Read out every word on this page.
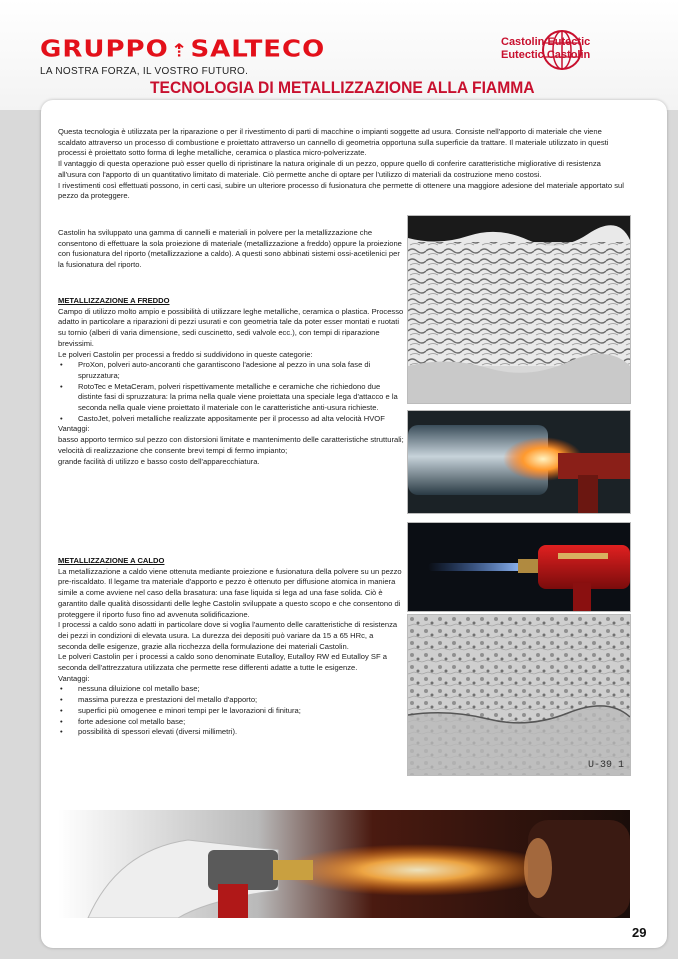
GRUPPO ⇡SALTECO
LA NOSTRA FORZA, IL VOSTRO FUTURO.
Castolin Eutectic
Eutectic Castolin
TECNOLOGIA DI METALLIZZAZIONE ALLA FIAMMA

Questa tecnologia è utilizzata per la riparazione o per il rivestimento di parti di macchine o impianti soggette ad usura. Consiste nell'apporto di materiale che viene scaldato attraverso un processo di combustione e proiettato attraverso un cannello di geometria opportuna sulla superficie da trattare. Il materiale utilizzato in questi processi è proiettato sotto forma di leghe metalliche, ceramica o plastica micro-polverizzate.

Il vantaggio di questa operazione può esser quello di ripristinare la natura originale di un pezzo, oppure quello di conferire caratteristiche migliorative di resistenza all'usura con l'apporto di un quantitativo limitato di materiale. Ciò permette anche di optare per l'utilizzo di materiali da costruzione meno costosi.

I rivestimenti così effettuati possono, in certi casi, subire un ulteriore processo di fusionatura che permette di ottenere una maggiore adesione del materiale apportato sul pezzo da proteggere.

Castolin ha sviluppato una gamma di cannelli e materiali in polvere per la metallizzazione che consentono di effettuare la sola proiezione di materiale (metallizzazione a freddo) oppure la proiezione con fusionatura del riporto (metallizzazione a caldo). A questi sono abbinati sistemi ossi-acetilenici per la fusionatura del riporto.

METALLIZZAZIONE A FREDDO

Campo di utilizzo molto ampio e possibilità di utilizzare leghe metalliche, ceramica o plastica. Processo adatto in particolare a riparazioni di pezzi usurati e con geometria tale da poter esser montati e ruotati su tornio (alberi di varia dimensione, sedi cuscinetto, sedi valvole ecc.), con tempi di riparazione brevissimi.

Le polveri Castolin per processi a freddo si suddividono in queste categorie:

• ProXon, polveri auto-ancoranti che garantiscono l'adesione al pezzo in una sola fase di spruzzatura;
• RotoTec e MetaCeram, polveri rispettivamente metalliche e ceramiche che richiedono due distinte fasi di spruzzatura: la prima nella quale viene proiettata una speciale lega d'attacco e la seconda nella quale viene proiettato il materiale con le caratteristiche anti-usura richieste.
• CastoJet, polveri metalliche realizzate appositamente per il processo ad alta velocità HVOF

Vantaggi:

basso apporto termico sul pezzo con distorsioni limitate e mantenimento delle caratteristiche strutturali; velocità di realizzazione che consente brevi tempi di fermo impianto;

grande facilità di utilizzo e basso costo dell'apparecchiatura.

METALLIZZAZIONE A CALDO

La metallizzazione a caldo viene ottenuta mediante proiezione e fusionatura della polvere su un pezzo pre-riscaldato. Il legame tra materiale d'apporto e pezzo è ottenuto per diffusione atomica in maniera simile a come avviene nel caso della brasatura: una fase liquida si lega ad una fase solida. Ciò è garantito dalle qualità disossidanti delle leghe Castolin sviluppate a questo scopo e che consentono di proteggere il riporto fuso fino ad avvenuta solidificazione.

I processi a caldo sono adatti in particolare dove si voglia l'aumento delle caratteristiche di resistenza dei pezzi in condizioni di elevata usura. La durezza dei depositi può variare da 15 a 65 HRc, a seconda delle esigenze, grazie alla ricchezza della formulazione dei materiali Castolin.

Le polveri Castolin per i processi a caldo sono denominate Eutalloy, Eutalloy RW ed Eutalloy SF a seconda dell'attrezzatura utilizzata che permette rese differenti adatte a tutte le esigenze.

Vantaggi:

• nessuna diluizione col metallo base;
• massima purezza e prestazioni del metallo d'apporto;
• superfici più omogenee e minori tempi per le lavorazioni di finitura;
• forte adesione col metallo base;
• possibilità di spessori elevati (diversi millimetri).
U-39 1
29
